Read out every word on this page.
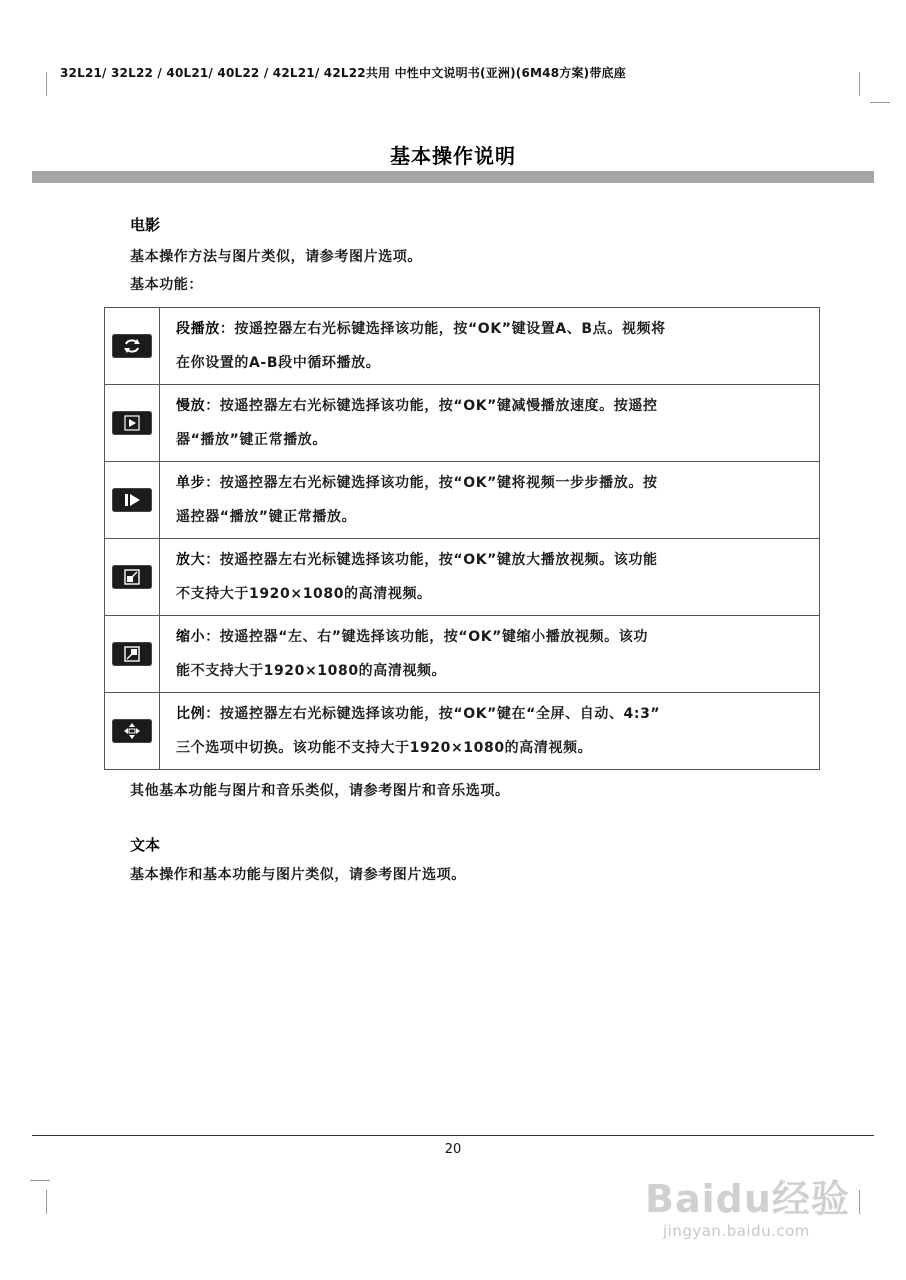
32L21/ 32L22 / 40L21/ 40L22 / 42L21/ 42L22共用 中性中文说明书(亚洲)(6M48方案)带底座
基本操作说明
电影
基本操作方法与图片类似，请参考图片选项。
基本功能：
	段播放：按遥控器左右光标键选择该功能，按“OK”键设置A、B点。视频将
在你设置的A-B段中循环播放。

	慢放：按遥控器左右光标键选择该功能，按“OK”键减慢播放速度。按遥控
器“播放”键正常播放。

	单步：按遥控器左右光标键选择该功能，按“OK”键将视频一步步播放。按
遥控器“播放”键正常播放。

	放大：按遥控器左右光标键选择该功能，按“OK”键放大播放视频。该功能
不支持大于1920×1080的高清视频。

	缩小：按遥控器“左、右”键选择该功能，按“OK”键缩小播放视频。该功
能不支持大于1920×1080的高清视频。

	比例：按遥控器左右光标键选择该功能，按“OK”键在“全屏、自动、4:3”
三个选项中切换。该功能不支持大于1920×1080的高清视频。
其他基本功能与图片和音乐类似，请参考图片和音乐选项。
文本
基本操作和基本功能与图片类似，请参考图片选项。
20
Baidu经验
jingyan.baidu.com
